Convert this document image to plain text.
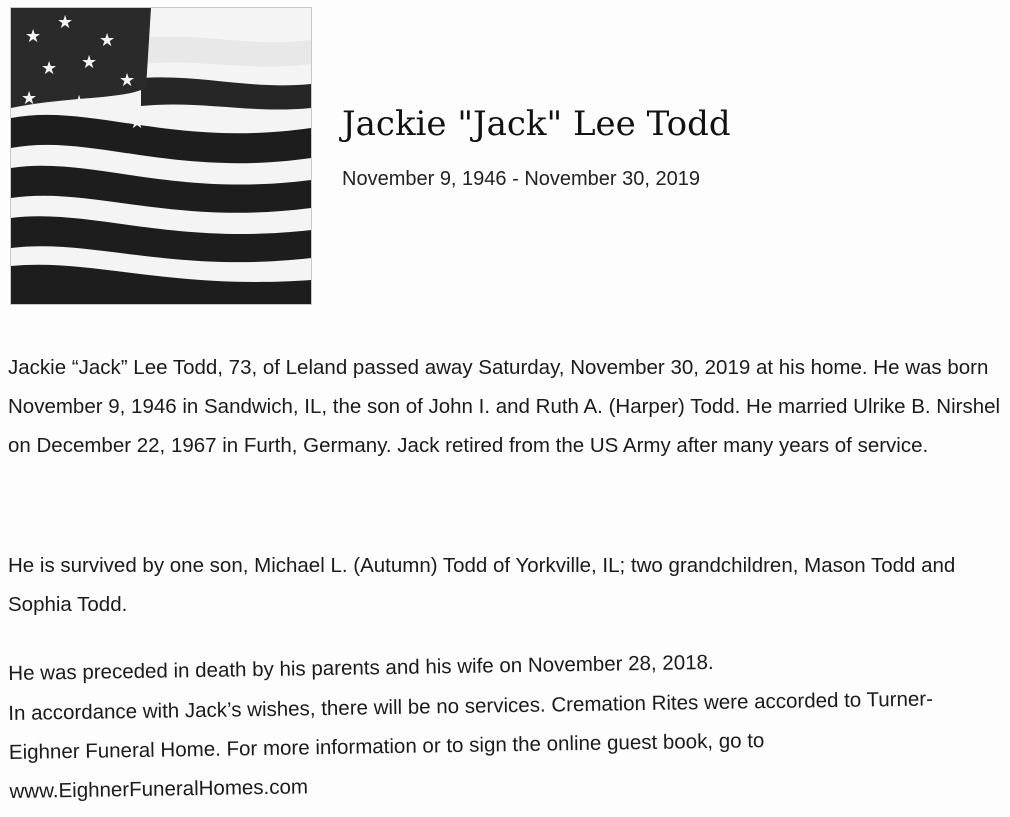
★
★
★
★ ★
★
★ ★
★	Jackie "Jack" Lee Todd
November 9, 1946 - November 30, 2019
Jackie “Jack” Lee Todd, 73, of Leland passed away Saturday, November 30, 2019 at his home. He was born November 9, 1946 in Sandwich, IL, the son of John I. and Ruth A. (Harper) Todd. He married Ulrike B. Nirshel on December 22, 1967 in Furth, Germany. Jack retired from the US Army after many years of service.
He is survived by one son, Michael L. (Autumn) Todd of Yorkville, IL; two grandchildren, Mason Todd and Sophia Todd.
He was preceded in death by his parents and his wife on November 28, 2018.
In accordance with Jack’s wishes, there will be no services. Cremation Rites were accorded to Turner-Eighner Funeral Home. For more information or to sign the online guest book, go to www.EighnerFuneralHomes.com
